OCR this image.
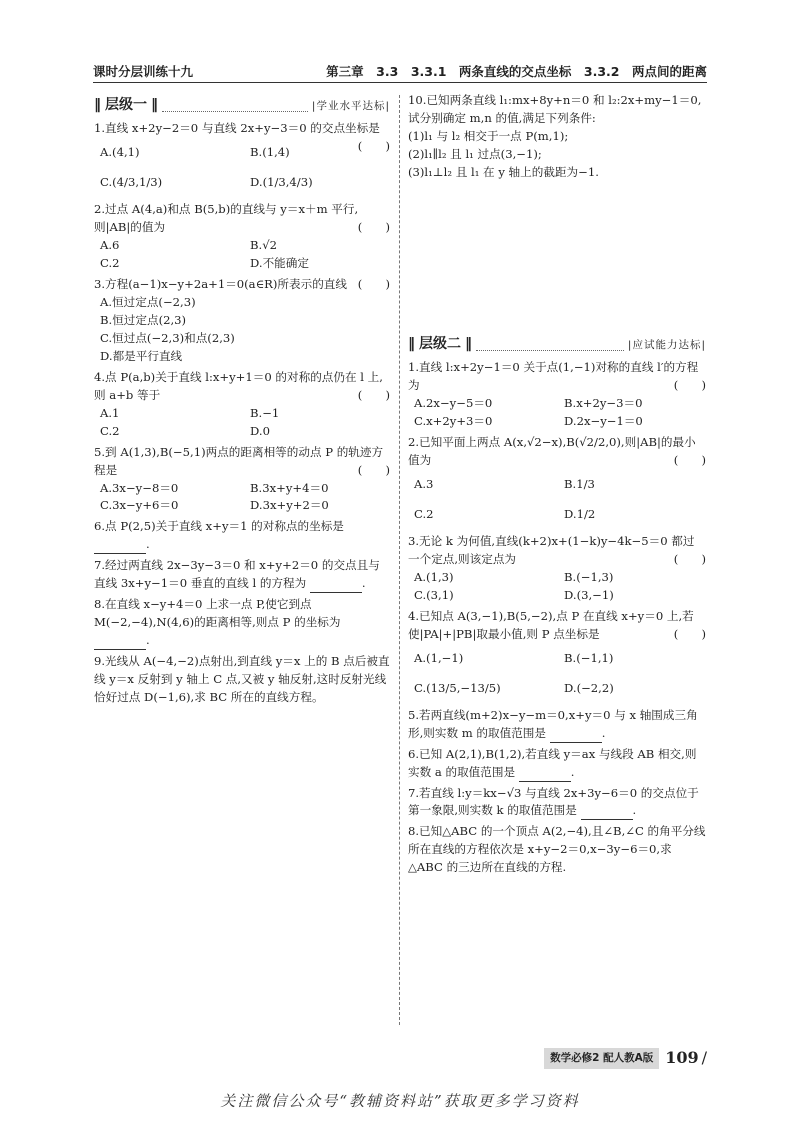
课时分层训练十九	第三章　3.3　3.3.1　两条直线的交点坐标　3.3.2　两点间的距离
‖ 层级一 ‖	|学业水平达标|

1.直线 x+2y−2＝0 与直线 2x+y−3＝0 的交点坐标是
(　　)

A.(4,1)	B.(1,4)
C.(4/3,1/3)	D.(1/3,4/3)

2.过点 A(4,a)和点 B(5,b)的直线与 y＝x＋m 平行,则|AB|的值为	(　　)

A.6	B.√2
C.2	D.不能确定

3.方程(a−1)x−y+2a+1＝0(a∈R)所表示的直线 (　　)

A.恒过定点(−2,3)
B.恒过定点(2,3)
C.恒过点(−2,3)和点(2,3)
D.都是平行直线

4.点 P(a,b)关于直线 l:x+y+1＝0 的对称的点仍在 l 上,则 a+b 等于	(　　)

A.1	B.−1
C.2	D.0

5.到 A(1,3),B(−5,1)两点的距离相等的动点 P 的轨迹方程是	(　　)

A.3x−y−8＝0	B.3x+y+4＝0
C.3x−y+6＝0	D.3x+y+2＝0

6.点 P(2,5)关于直线 x+y＝1 的对称点的坐标是 .

7.经过两直线 2x−3y−3＝0 和 x+y+2＝0 的交点且与直线 3x+y−1＝0 垂直的直线 l 的方程为	.

8.在直线 x−y+4＝0 上求一点 P,使它到点 M(−2,−4),N(4,6)的距离相等,则点 P 的坐标为 .

9.光线从 A(−4,−2)点射出,到直线 y＝x 上的 B 点后被直线 y＝x 反射到 y 轴上 C 点,又被 y 轴反射,这时反射光线恰好过点 D(−1,6),求 BC 所在的直线方程。

10.已知两条直线 l₁:mx+8y+n＝0 和 l₂:2x+my−1＝0,试分别确定 m,n 的值,满足下列条件:

(1)l₁ 与 l₂ 相交于一点 P(m,1);

(2)l₁∥l₂ 且 l₁ 过点(3,−1);

(3)l₁⊥l₂ 且 l₁ 在 y 轴上的截距为−1.

‖ 层级二 ‖	|应试能力达标|

1.直线 l:x+2y−1＝0 关于点(1,−1)对称的直线 l′的方程为	(　　)

A.2x−y−5＝0	B.x+2y−3＝0
C.x+2y+3＝0	D.2x−y−1＝0

2.已知平面上两点 A(x,√2−x),B(√2/2,0),则|AB|的最小值为	(　　)

A.3	B.1/3
C.2	D.1/2

3.无论 k 为何值,直线(k+2)x+(1−k)y−4k−5＝0 都过一个定点,则该定点为	(　　)

A.(1,3)	B.(−1,3)
C.(3,1)	D.(3,−1)

4.已知点 A(3,−1),B(5,−2),点 P 在直线 x+y＝0 上,若使|PA|+|PB|取最小值,则 P 点坐标是	(　　)

A.(1,−1)	B.(−1,1)
C.(13/5,−13/5)	D.(−2,2)

5.若两直线(m+2)x−y−m＝0,x+y＝0 与 x 轴围成三角形,则实数 m 的取值范围是	.

6.已知 A(2,1),B(1,2),若直线 y＝ax 与线段 AB 相交,则实数 a 的取值范围是	.

7.若直线 l:y＝kx−√3 与直线 2x+3y−6＝0 的交点位于第一象限,则实数 k 的取值范围是	.

8.已知△ABC 的一个顶点 A(2,−4),且∠B,∠C 的角平分线所在直线的方程依次是 x+y−2＝0,x−3y−6＝0,求△ABC 的三边所在直线的方程.

数学必修2 配人教A版 109 /
关注微信公众号“教辅资料站”获取更多学习资料
